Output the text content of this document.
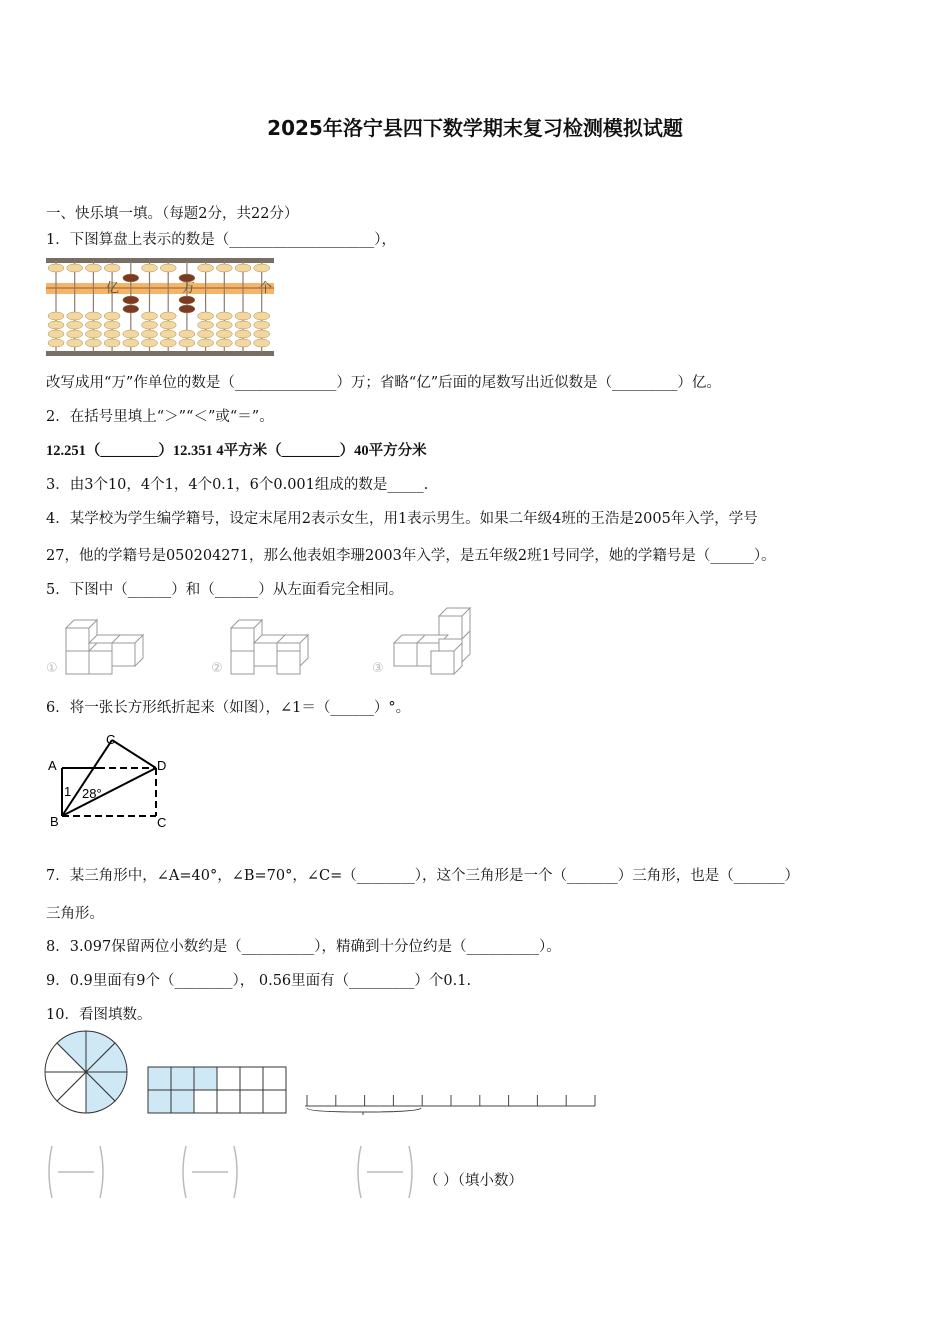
2025年洛宁县四下数学期末复习检测模拟试题
一、快乐填一填。（每题2分，共22分）
1．下图算盘上表示的数是（____________________），
亿	万	个
改写成用“万”作单位的数是（______________）万；省略“亿”后面的尾数写出近似数是（_________）亿。
2．在括号里填上“＞”“＜”或“＝”。
12.251（________）12.351 4平方米（________）40平方分米
3．由3个10，4个1，4个0.1，6个0.001组成的数是_____.
4．某学校为学生编学籍号，设定末尾用2表示女生，用1表示男生。如果二年级4班的王浩是2005年入学，学号
27，他的学籍号是050204271，那么他表姐李珊2003年入学，是五年级2班1号同学，她的学籍号是（______）。
5．下图中（______）和（______）从左面看完全相同。
①	②	③
6．将一张长方形纸折起来（如图），∠1＝（______）°。
A
B
C
D
C
1 28°
7．某三角形中，∠A=40°，∠B=70°，∠C=（________），这个三角形是一个（_______）三角形，也是（_______）
三角形。
8．3.097保留两位小数约是（__________），精确到十分位约是（__________）。
9．0.9里面有9个（________）， 0.56里面有（_________）个0.1.
10．看图填数。
（ ）（填小数）
